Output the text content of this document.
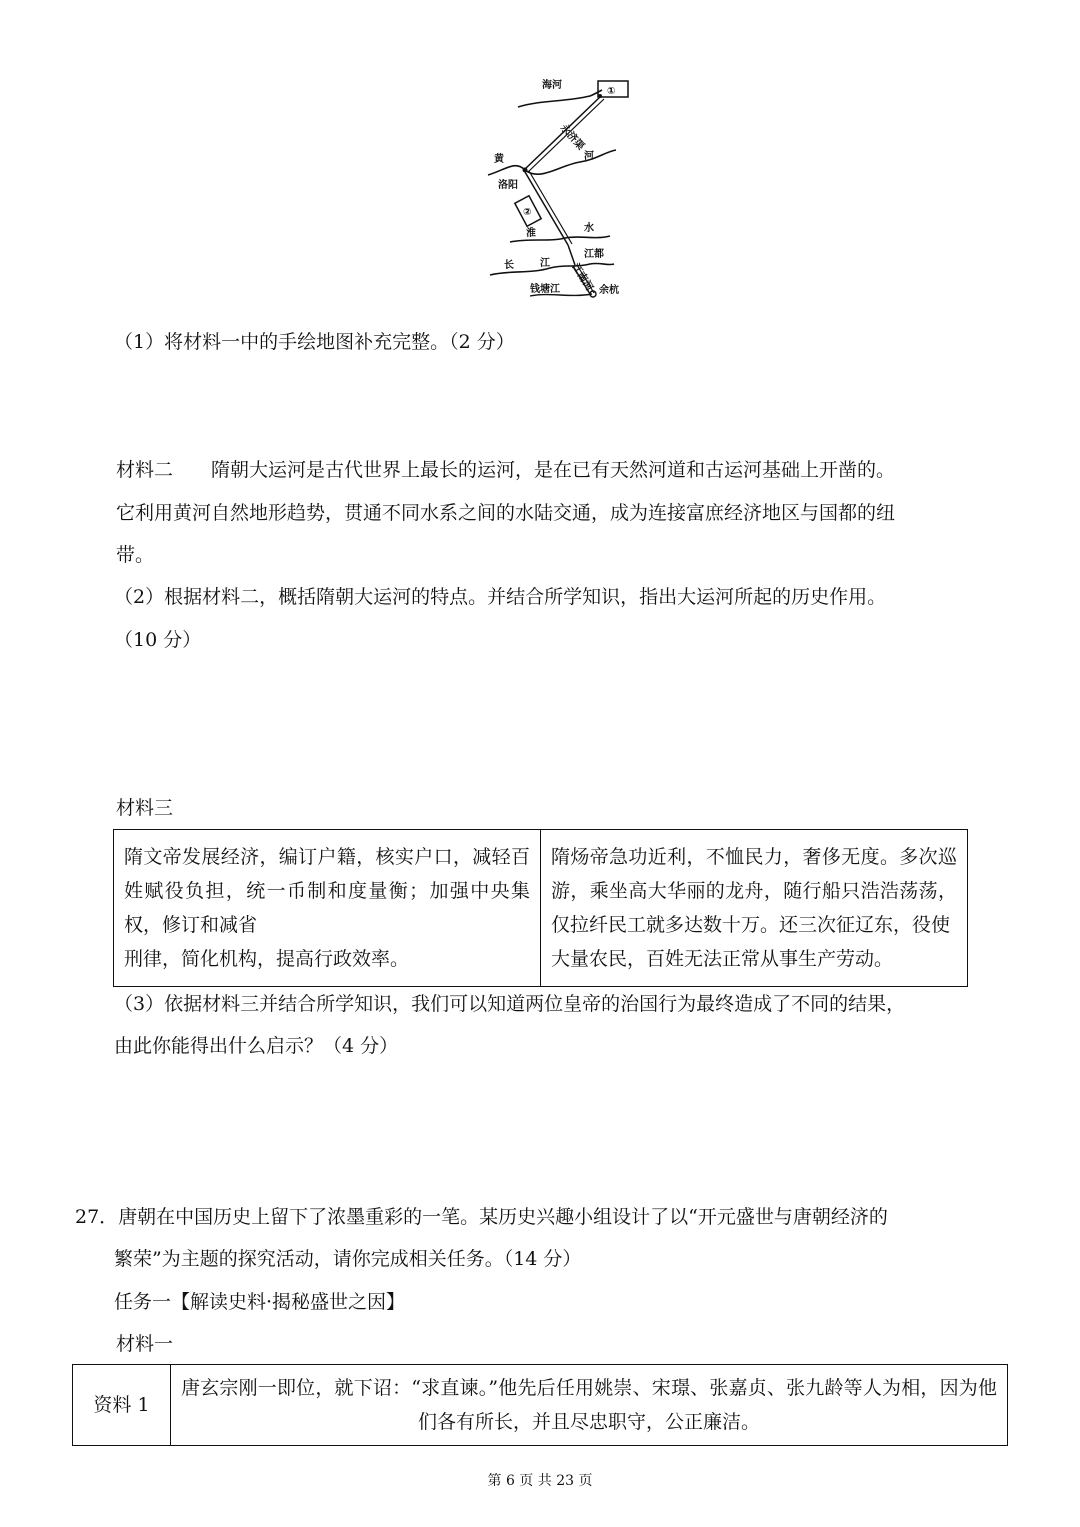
海河
①
永济渠
黄	河
洛阳
②
淮	水
江都
长	江 江南河
钱塘江	余杭
（1）将材料一中的手绘地图补充完整。（2 分）
材料二　　隋朝大运河是古代世界上最长的运河，是在已有天然河道和古运河基础上开凿的。
它利用黄河自然地形趋势，贯通不同水系之间的水陆交通，成为连接富庶经济地区与国都的纽
带。
（2）根据材料二，概括隋朝大运河的特点。并结合所学知识，指出大运河所起的历史作用。
（10 分）
材料三
隋文帝发展经济，编订户籍，核实户口，减轻百姓赋役负担，统一币制和度量衡；加强中央集权，修订和减省
刑律，简化机构，提高行政效率。
	隋炀帝急功近利，不恤民力，奢侈无度。多次巡游，乘坐高大华丽的龙舟，随行船只浩浩荡荡，仅拉纤民工就多达数十万。还三次征辽东，役使
大量农民，百姓无法正常从事生产劳动。
（3）依据材料三并结合所学知识，我们可以知道两位皇帝的治国行为最终造成了不同的结果，
由此你能得出什么启示？（4 分）
27．唐朝在中国历史上留下了浓墨重彩的一笔。某历史兴趣小组设计了以“开元盛世与唐朝经济的
繁荣”为主题的探究活动，请你完成相关任务。（14 分）
任务一【解读史料·揭秘盛世之因】
材料一
资料 1	唐玄宗刚一即位，就下诏：“求直谏。”他先后任用姚崇、宋璟、张嘉贞、张九龄等人为相，因为他们各有所长，并且尽忠职守，公正廉洁。
第 6 页 共 23 页
